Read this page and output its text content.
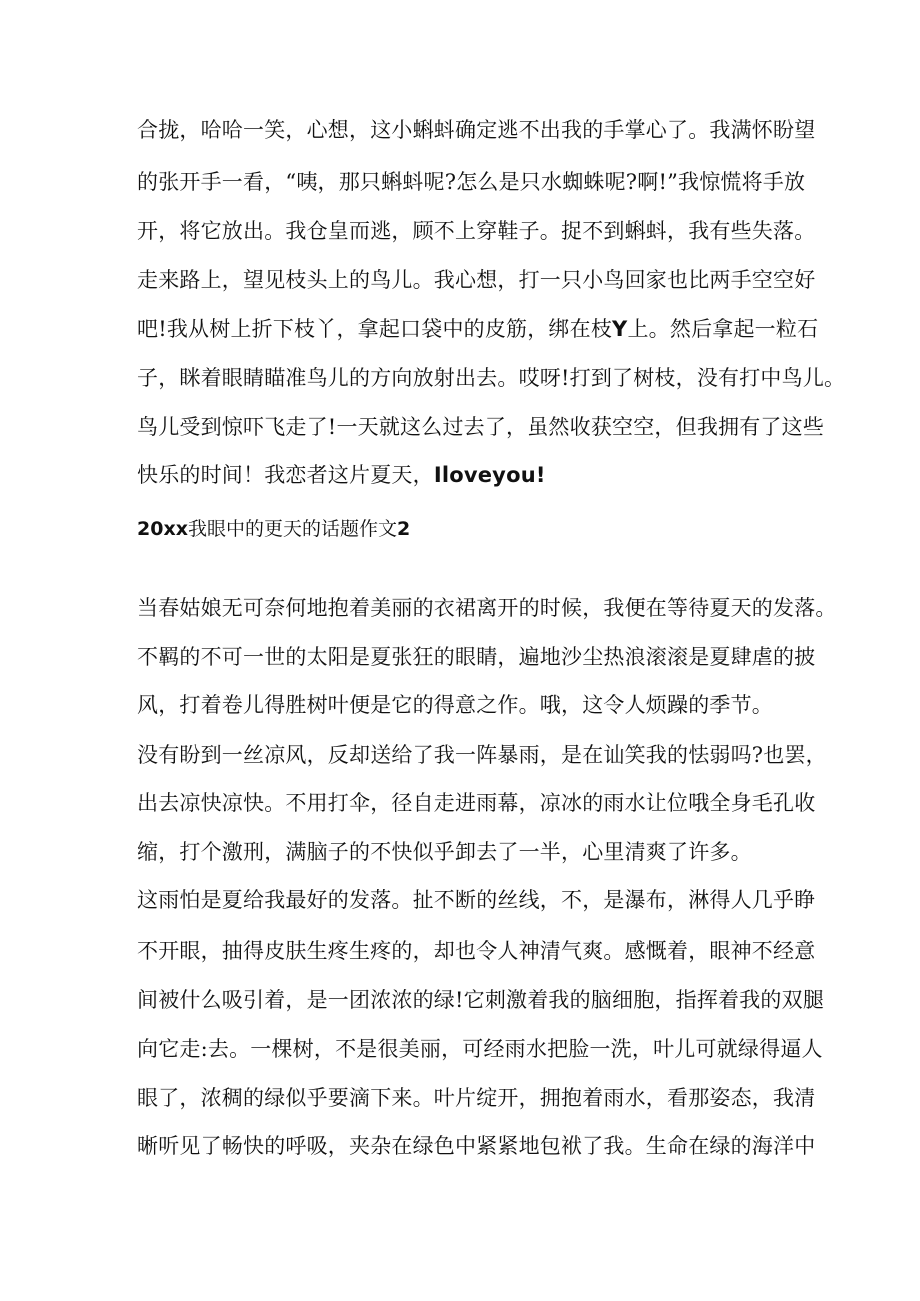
合拢，哈哈一笑，心想，这小蝌蚪确定逃不出我的手掌心了。我满怀盼望
的张开手一看，“咦，那只蝌蚪呢?怎么是只水蜘蛛呢?啊!”我惊慌将手放
开，将它放出。我仓皇而逃，顾不上穿鞋子。捉不到蝌蚪，我有些失落。
走来路上，望见枝头上的鸟儿。我心想，打一只小鸟回家也比两手空空好
吧!我从树上折下枝丫，拿起口袋中的皮筋，绑在枝Y上。然后拿起一粒石
子，眯着眼睛瞄准鸟儿的方向放射出去。哎呀!打到了树枝，没有打中鸟儿。
鸟儿受到惊吓飞走了!一天就这么过去了，虽然收获空空，但我拥有了这些
快乐的时间！我恋者这片夏天，Iloveyou!
20xx我眼中的更天的话题作文2
当春姑娘无可奈何地抱着美丽的衣裙离开的时候，我便在等待夏天的发落。
不羁的不可一世的太阳是夏张狂的眼睛，遍地沙尘热浪滚滚是夏肆虐的披
风，打着卷儿得胜树叶便是它的得意之作。哦，这令人烦躁的季节。
没有盼到一丝凉风，反却送给了我一阵暴雨，是在讪笑我的怯弱吗?也罢，
出去凉快凉快。不用打伞，径自走进雨幕，凉冰的雨水让位哦全身毛孔收
缩，打个激刑，满脑子的不快似乎卸去了一半，心里清爽了许多。
这雨怕是夏给我最好的发落。扯不断的丝线，不，是瀑布，淋得人几乎睁
不开眼，抽得皮肤生疼生疼的，却也令人神清气爽。感慨着，眼神不经意
间被什么吸引着，是一团浓浓的绿!它刺激着我的脑细胞，指挥着我的双腿
向它走:去。一棵树，不是很美丽，可经雨水把脸一洗，叶儿可就绿得逼人
眼了，浓稠的绿似乎要滴下来。叶片绽开，拥抱着雨水，看那姿态，我清
晰听见了畅快的呼吸，夹杂在绿色中紧紧地包袱了我。生命在绿的海洋中
